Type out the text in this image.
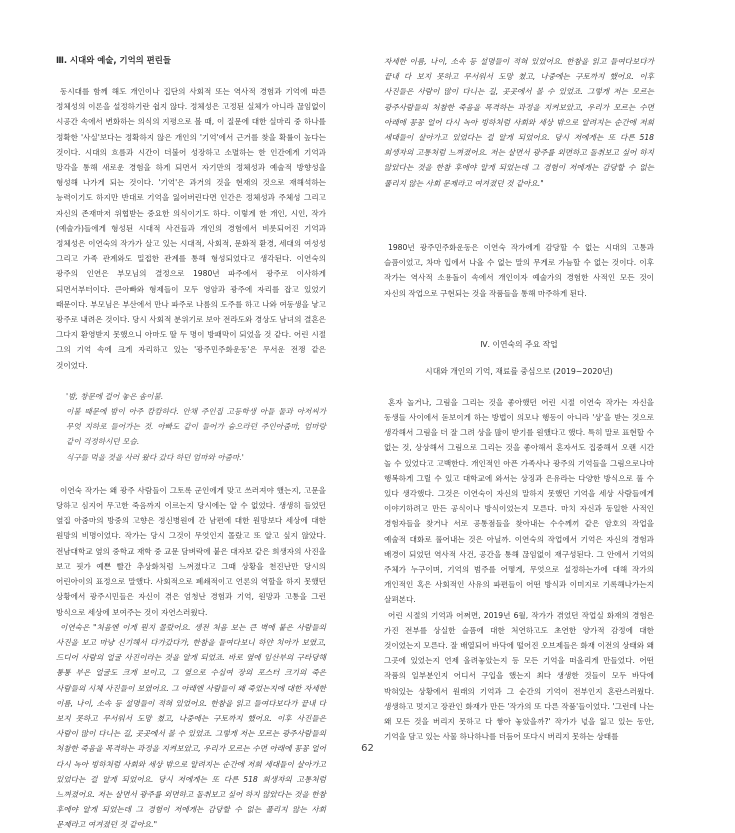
Ⅲ. 시대와 예술, 기억의 편린들

동시대를 함께 해도 개인이나 집단의 사회적 또는 역사적 경험과 기억에 따른 정체성의 이론을 설정하기란 쉽지 않다. 정체성은 고정된 실체가 아니라 끊임없이 시공간 속에서 변화하는 의식의 지평으로 볼 때, 이 질문에 대한 실마리 중 하나를 정확한 '사실'보다는 정확하지 않은 개인의 '기억'에서 근거를 찾을 확률이 높다는 것이다. 시대의 흐름과 시간이 더불어 성장하고 소멸하는 한 인간에게 기억과 망각을 통해 새로운 경험을 하게 되면서 자기만의 정체성과 예술적 방향성을 형성해 나가게 되는 것이다. '기억'은 과거의 것을 현재의 것으로 재해석하는 능력이기도 하지만 반대로 기억을 잃어버린다면 인간은 정체성과 주체성 그리고 자신의 존재마저 위협받는 중요한 의식이기도 하다. 이렇게 한 개인, 시인, 작가(예술가)들에게 형성된 시대적 사건들과 개인의 경험에서 비롯되어진 기억과 정체성은 이연숙의 작가가 살고 있는 시대적, 사회적, 문화적 환경, 세대의 여성성 그리고 가족 관계와도 밀접한 관계를 통해 형성되었다고 생각된다. 이연숙의 광주의 인연은 부모님의 결정으로 1980년 파주에서 광주로 이사하게 되면서부터이다. 큰아빠와 형제들이 모두 영암과 광주에 자리를 잡고 있었기 때문이다. 부모님은 부산에서 만나 파주로 나름의 도주를 하고 나와 여동생을 낳고 광주로 내려온 것이다. 당시 사회적 분위기로 보아 전라도와 경상도 남녀의 결혼은 그다지 환영받지 못했으니 아마도 딸 두 명이 방패막이 되었을 것 같다. 어린 시절 그의 기억 속에 크게 자리하고 있는 '광주민주화운동'은 무서운 전쟁 같은 것이었다.

'밤, 창문에 걸어 놓은 솜이불.

이불 때문에 밤이 아주 캄캄하다. 안채 주인집 고등학생 아들 둘과 아저씨가 무엇 지하로 들어가는 것. 아빠도 같이 들어가 숨으라던 주인아줌마, 엄마랑 같이 걱정하시던 모습.

식구들 먹을 것을 사러 왔다 갔다 하던 엄마와 아줌마.'

이연숙 작가는 왜 광주 사람들이 그토록 군인에게 맞고 쓰러져야 했는지, 고문을 당하고 심지어 무고한 죽음까지 이르는지 당시에는 알 수 없었다. 생생히 들었던 옆집 아줌마의 방중의 고향은 정신병원에 간 남편에 대한 원망보다 세상에 대한 원망의 비명이었다. 작가는 당시 그것이 무엇인지 몰랐고 또 알고 싶지 않았다. 전남대학교 옆의 중학교 재학 중 교문 담벼락에 붙은 대자보 같은 희생자의 사진을 보고 핏가 예쁜 빨간 추상화처럼 느껴졌다고 그때 상황을 천진난만 당시의 어린아이의 표정으로 말했다. 사회적으로 폐쇄적이고 언론의 역할을 하지 못했던 상황에서 광주시민들은 자신이 겪은 엄청난 경험과 기억, 원망과 고통을 그런 방식으로 세상에 보여주는 것이 자연스러웠다.

이연숙은 "처음엔 이게 뭔지 몰랐어요. 생전 처음 보는 큰 벽에 붙은 사람들의 사진을 보고 마냥 신기해서 다가갔다가, 한참을 들여다보니 하얀 치아가 보였고, 드디어 사람의 얼굴 사진이라는 것을 알게 되었죠. 바로 옆에 임산부의 구타당해 퉁퉁 부은 얼굴도 크게 보이고, 그 옆으로 수십여 장의 포스터 크기의 죽은 사람들의 시체 사진들이 보였어요. 그 아래엔 사람들이 왜 죽었는지에 대한 자세한 이름, 나이, 소속 등 설명들이 적혀 있었어요. 한참을 읽고 들여다보다가 끝내 다 보지 못하고 무서워서 도망 쳤고, 나중에는 구토까지 했어요. 이후 사진들은 사람이 많이 다니는 길, 곳곳에서 볼 수 있었죠. 그렇게 저는 모르는 광주사람들의 처참한 죽음을 목격하는 과정을 지켜보았고, 우리가 모르는 수면 아래에 꽁꽁 얼어 다시 녹아 빙하처럼 사회와 세상 밖으로 알려지는 순간에 저희 세대들이 살아가고 있었다는 걸 알게 되었어요. 당시 저에게는 또 다른 518 희생자의 고통처럼 느껴졌어요. 저는 살면서 광주를 외면하고 돌취보고 싶어 하지 않았다는 것을 한참 후에야 알게 되었는데 그 경험이 저에게는 감당할 수 없는 풀리지 않는 사회 문제라고 여겨졌던 것 같아요."

자세한 이름, 나이, 소속 등 설명들이 적혀 있었어요. 한참을 읽고 들여다보다가 끝내 다 보지 못하고 무서워서 도망 쳤고, 나중에는 구토까지 했어요. 이후 사진들은 사람이 많이 다니는 길, 곳곳에서 볼 수 있었죠. 그렇게 저는 모르는 광주사람들의 처참한 죽음을 목격하는 과정을 지켜보았고, 우리가 모르는 수면 아래에 꽁꽁 얼어 다시 녹아 빙하처럼 사회와 세상 밖으로 알려지는 순간에 저희 세대들이 살아가고 있었다는 걸 알게 되었어요. 당시 저에게는 또 다른 518 희생자의 고통처럼 느껴졌어요. 저는 살면서 광주를 외면하고 돌취보고 싶어 하지 않았다는 것을 한참 후에야 알게 되었는데 그 경험이 저에게는 감당할 수 없는 풀리지 않는 사회 문제라고 여겨졌던 것 같아요."

1980년 광주민주화운동은 이연숙 작가에게 감당할 수 없는 시대의 고통과 슬픔이었고, 차마 입에서 나올 수 없는 말의 무게로 가늠할 수 없는 것이다. 이후 작가는 역사적 소용돌이 속에서 개인이자 예술가의 경험한 사적인 모든 것이 자신의 작업으로 구현되는 것을 작품들을 통해 마주하게 된다.

Ⅳ. 이연숙의 주요 작업
시대와 개인의 기억, 재료를 중심으로 (2019~2020년)

혼자 놀거나, 그림을 그리는 것을 좋아했던 어린 시절 이연숙 작가는 자신을 동생들 사이에서 돋보이게 하는 방법이 의모나 행동이 아니라 '상'을 받는 것으로 생각해서 그림을 더 잘 그려 상을 많이 받기를 원했다고 했다. 특히 말로 표현할 수 없는 것, 상상해서 그림으로 그리는 것을 좋아해서 혼자서도 집중해서 오랜 시간 놀 수 있었다고 고백한다. 개인적인 아픈 가족사나 광주의 기억들을 그림으로나마 행복하게 그릴 수 있고 대학교에 와서는 상징과 은유라는 다양한 방식으로 풀 수 있다 생각했다. 그것은 이연숙이 자신의 말하지 못했던 기억을 세상 사람들에게 이야기하려고 만든 공식이나 방식이었는지 모른다. 마치 자신과 동일한 사적인 경험자들을 찾거나 서로 공통점들을 찾아내는 수수께끼 같은 암호의 작업을 예술적 대화로 풀어내는 것은 아닐까. 이연숙의 작업에서 기억은 자신의 경험과 배경이 되었던 역사적 사건, 공간을 통해 끊임없이 재구성된다. 그 안에서 기억의 주체가 누구이며, 기억의 범주를 어떻게, 무엇으로 설정하는가에 대해 작가의 개인적인 혹은 사회적인 사유의 파편들이 어떤 방식과 이미지로 기록해나가는지 살펴본다.

어린 시절의 기억과 어쩌면, 2019년 6월, 작가가 겪었던 작업실 화재의 경험은 가진 전부를 상실한 슬픔에 대한 처연하고도 초연한 양가적 감정에 대한 것이었는지 모른다. 잘 배열되어 바닥에 떨어진 오브제들은 화재 이전의 상태와 왜 그곳에 있었는지 언제 올려놓았는지 등 모든 기억을 떠올리게 만들었다. 어떤 작품의 일부분인지 어디서 구입을 했는지 최다 생생한 것들이 모두 바닥에 박혀있는 상황에서 원래의 기억과 그 순간의 기억이 전부인지 혼란스러웠다. 생생하고 멋지고 장관인 화재가 만든 '작가의 또 다른 작품'들이었다. '그런데 나는 왜 모든 것을 버리지 못하고 다 쌓아 놓았을까?' 작가가 넋을 잃고 있는 동안, 기억을 담고 있는 사물 하나하나를 더듬어 또다시 버리지 못하는 상태를

62
